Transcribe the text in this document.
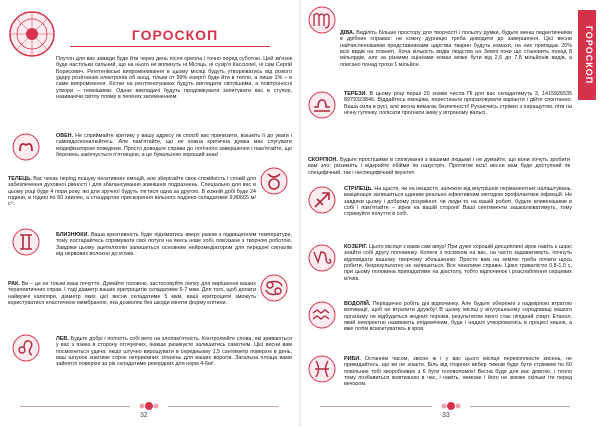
ГОРОСКОП

Плутон для вас завжди буде йти через день після ореола і точно перед суботою. Цей зв'язок буде настільки сильний, що на нього не вплинуть ні Місяць, ні сузір'я Кассіопеї, ні сам Сергій Борисович. Рентгенівські випромінювання в цьому місяці будуть утворюватись від різкого удару розігнаних електронів об анод, тільки от 99% енергії буде йти в тепло, а лише 1% – в саме випромінення. Кістки на рентгенограмах будуть виглядати світлішими, а повітроносні утвори – темнішими. Однак викладачі будуть продовжувати запитувати вас в ступор, називаючи світлу пляму в легенях затемненням.

ОВЕН. Не сприймайте критику у вашу адресу як спосіб вас принизити, візьміть її до уваги і самовдосконалюйтесь. Але пам'ятайте, що не кожна критична думка має слугувати модифікатором поведінки. Просто доводьте справи до логічного завершення і пам'ятайте, що березень закінчується п'ятницею, а це бувальною хороший знак!

ТЕЛЕЦЬ. Вас чекає період пошуку негативних емоцій, але зберігайте своє спокійність і спокій для забезпечення духовної рівності і для збалансування зовнішніх подразнень. Спеціально для вас в цьому році буде 4 пори року, які для зручної будуть тягтися одна за другою. В кожній добі буде 24 години, в годині по 60 хвилин, а стандартне прискорення вільного падіння складатиме 9,80665 м/с².

БЛИЗНЮКИ. Ваша креативність буде підніматись вверх разом з підвищенням температури, тому постарайтесь спрямувати свої потуги на якесь нове хобі, пов'язане з творчою роботою. Завдяки цьому ацетилхолін запишеться основним нейромедіатором для передачі сигналів від нервових волокон до м'язів.

РАК. Ви – це не тільки ваші почуття. Думайте головою, застосовуйте логіку для вирішення ваших терапевтичних справ. І тоді діаметр ваших еритроцитів складатиме 6-7 мкм. Для того, щоб долати найвужчі капіляри, діаметр яких цієї весни складатиме 5 мкм, ваші еритроцити зможуть користуватися еластичною мембраною, яка дозволяє без шкоди міняти форму клітини.

ЛЕВ. Будьте добрі і пологіть собі вето на злопам'ятність. Контролюйте слова, які зриваються у вас з язика в сторону оточуючих, інакше ризикуєте залишитись самотнім. Цієї весни вам посміхнеться удача: якщо штучно вирощувати в середньому 1,5 сантиметр поверхні в день, ваш шлунок знатиме сорок неприємних зіткнень для ваших ворогів. Загальна площа вами зайнятої поверхні за рік складатиме рекордних для норм 4-6м².

32

ДІВА. Виділіть більше простору для творчості і польоту думки, будьте менш педантичними в дрібних справах: не кожну дурницю треба доводити до завершення. Цієї весни найчисленнішими представниками царства тварин будуть комахи, на них припадає 20% всіх видів на планеті. Хоча кількість видів людства на Землі поки що становить понад 8 мільярдів, але за різними оцінками комах може бути від 2,6 до 7,8 мільйонів видів, а описано понад трохи 1 мільйон.

ТЕРЕЗИ. В цьому році перші 20 знаків числа Пі для вас складатимуть 3, 1415926535 8979323846. Віддайтесь емоціям, перестаньте прораховувати варіанти і дійте спонтанно. Ваша сила в русі, але весна вимагає безпечності! Рухаючись стрімко з паращутом, піти на нічну гулянку, попісати прогнати зиму у вітряному вальсі.

СКОРПІОН. Будьте простішими в спілкуванні з вашими людьми і не думайте, що вони хочуть зробити вам зло; ризикніть і відкрийте обійми їм назустріч. Протягом всієї весни вам буде доступний як специфічний, так і неспецифічний імунітет.

СТРІЛЕЦЬ. На щастя, чи на нещастя, залежно від внутрішніх перманентних налаштувань, вакцинація залишиться єдиним реально ефективним методом профілактики інфекцій. Не завдяки цьому і доброму розуміння: чи люди-то на вашій роботі, будьте вливенішими в собі і пам'ятайте – зірни на вашій стороні! Ваші сентименти зашкалюватимуть, тому стримуйте почуття в собі.

КОЗЕРІГ. Цього місяця з вами сам амур! При дуже хорошій дисциплині зірок навіть є шанс знайти собі другу половинку. Колеги з посміхом на вас, на часто задаватимуть, почнуть відповідати вашому творчому збільшенню: Просто вам на землю треба почати щось робити, безрезультатно не залишиться. Все чекатиме справні. Цикл тривалістю 0,8-1,0 с, при цьому половина припадатиме на діастолу, тобто відпочинок і розслаблення серцевих м'язів.

ВОДОЛІЙ. Періодично робіть дні відпочинку. Але будьте обережні з надмірною втратою мотивації, щоб не втратити дружбу! В цьому місяці у внутрішньому середовищі вашого організму не відбудеться жодних пороків, результатом якого стає ліпідний спирт. Етанол, який некоректно називають епідемічним, буде і надалі утворюватись в процесі кишок, а вже потім всмоктуватись в кров.

РИБИ. Останнім часом, звісно ж і у вас цього місяця перехоплюєте кисень, не прикидайтесь, що ви не знаєте. Біль від гітарних вебер тижнів буде бути стрімким по 60 повільних тобі хворобливих з 6 бути головоломок! Весна буде для вас довгою, і тепло тому позбавиться жовтизною в час, і навіть, неможе і його не зможе скільки іти перед вечором.

33
ГОРОСКОП
